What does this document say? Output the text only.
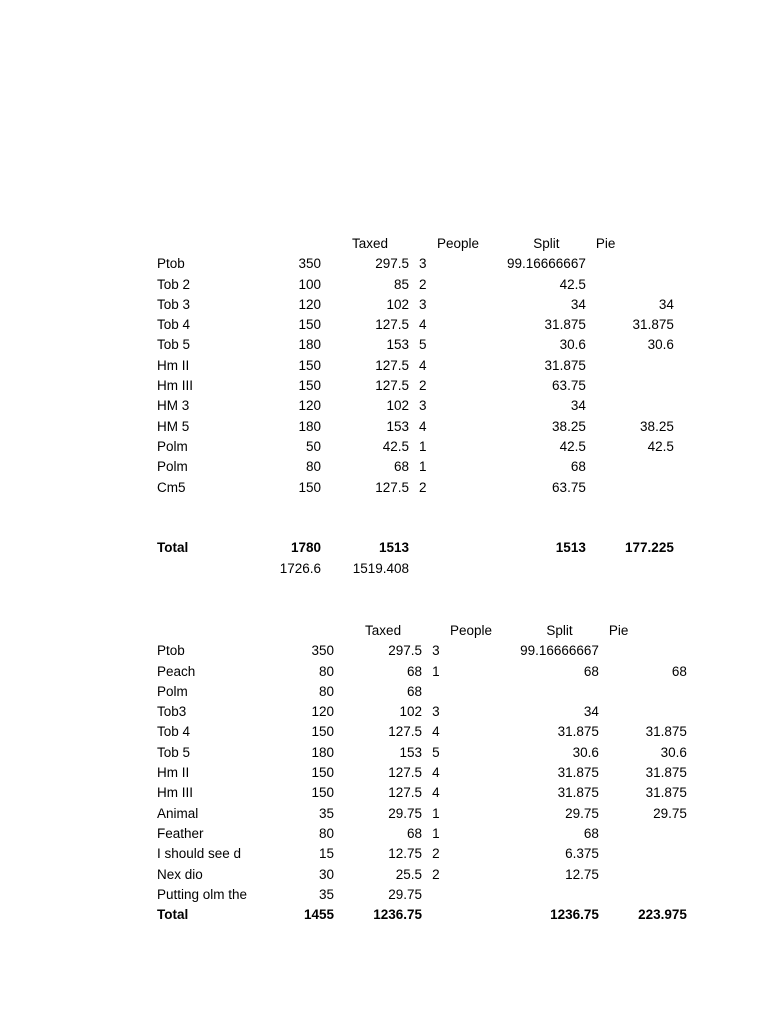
		Taxed	People	Split	Pie
Ptob	350	297.5	3	99.16666667	
Tob 2	100	85	2	42.5	
Tob 3	120	102	3	34	34
Tob 4	150	127.5	4	31.875	31.875
Tob 5	180	153	5	30.6	30.6
Hm II	150	127.5	4	31.875	
Hm III	150	127.5	2	63.75	
HM 3	120	102	3	34	
HM 5	180	153	4	38.25	38.25
Polm	50	42.5	1	42.5	42.5
Polm	80	68	1	68	
Cm5	150	127.5	2	63.75	

Total	1780	1513		1513	177.225
	1726.6	1519.408			
		Taxed	People	Split	Pie
Ptob	350	297.5	3	99.16666667	
Peach	80	68	1	68	68
Polm	80	68			
Tob3	120	102	3	34	
Tob 4	150	127.5	4	31.875	31.875
Tob 5	180	153	5	30.6	30.6
Hm II	150	127.5	4	31.875	31.875
Hm III	150	127.5	4	31.875	31.875
Animal	35	29.75	1	29.75	29.75
Feather	80	68	1	68	
I should see d	15	12.75	2	6.375	
Nex dio	30	25.5	2	12.75	
Putting olm the	35	29.75			
Total	1455	1236.75		1236.75	223.975
